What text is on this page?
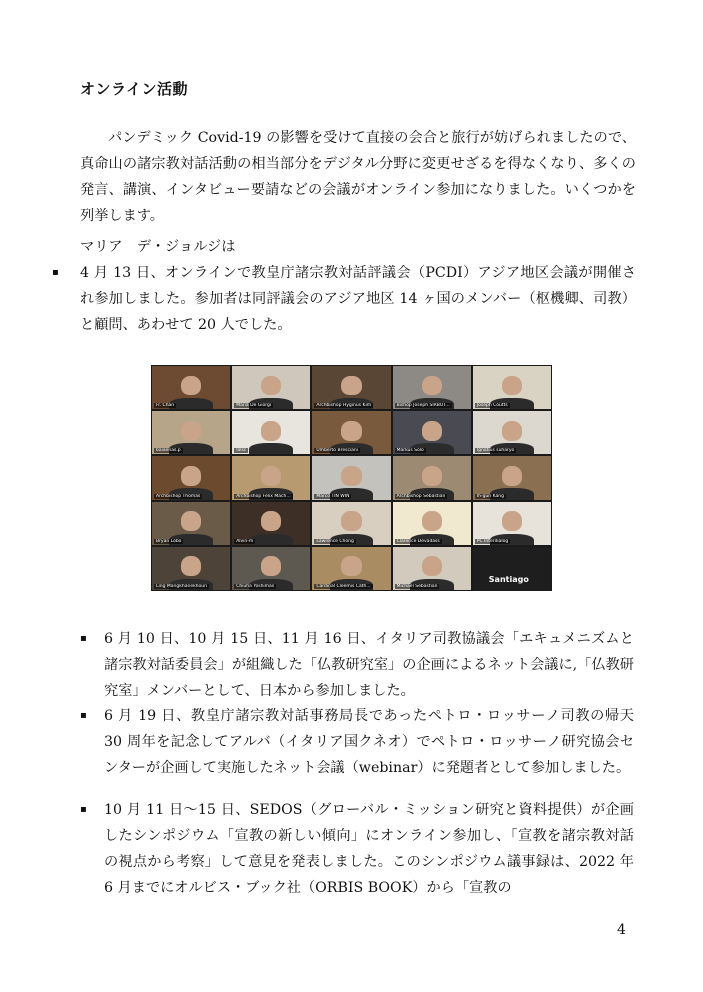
オンライン活動
パンデミック Covid-19 の影響を受けて直接の会合と旅行が妨げられましたので、真命山の諸宗教対話活動の相当部分をデジタル分野に変更せざるを得なくなり、多くの発言、講演、インタビュー要請などの会議がオンライン参加になりました。いくつかを列挙します。
マリア　デ・ジョルジは
▪ 4 月 13 日、オンラインで教皇庁諸宗教対話評議会（PCDI）アジア地区会議が開催され参加しました。参加者は同評議会のアジア地区 14 ヶ国のメンバー（枢機卿、司教）と顧問、あわせて 20 人でした。
Fr. Chan	Maria De Giorgi	Archbishop Hyginus Kim	Bishop Joseph SIRBUT...	Joseph Coutts
baiaenas.p	lalsc	Umberto Bresciani	Markus Solo	Ignatius suharyo
Archbishop Thomas	Archbishop Felix Mach...	Marco TIN WIN	Archbishop Sebastian	Ih-gun Kang
Bryan Lobo	Alvin-m	Lawrence Chong	Clarence Devadass	PC Interdialog
Ling Mangkhanekhoun	Chiuha Yoshimas	Cardinal Cleemis Cath...	Michael Sebastian
Santiago
▪ 6 月 10 日、10 月 15 日、11 月 16 日、イタリア司教協議会「エキュメニズムと諸宗教対話委員会」が組織した「仏教研究室」の企画によるネット会議に,「仏教研究室」メンバーとして、日本から参加しました。
▪ 6 月 19 日、教皇庁諸宗教対話事務局長であったペトロ・ロッサーノ司教の帰天 30 周年を記念してアルバ（イタリア国クネオ）でペトロ・ロッサーノ研究協会センターが企画して実施したネット会議（webinar）に発題者として参加しました。
▪ 10 月 11 日〜15 日、SEDOS（グローバル・ミッション研究と資料提供）が企画したシンポジウム「宣教の新しい傾向」にオンライン参加し、「宣教を諸宗教対話の視点から考察」して意見を発表しました。このシンポジウム議事録は、2022 年 6 月までにオルビス・ブック社（ORBIS BOOK）から「宣教の
4
